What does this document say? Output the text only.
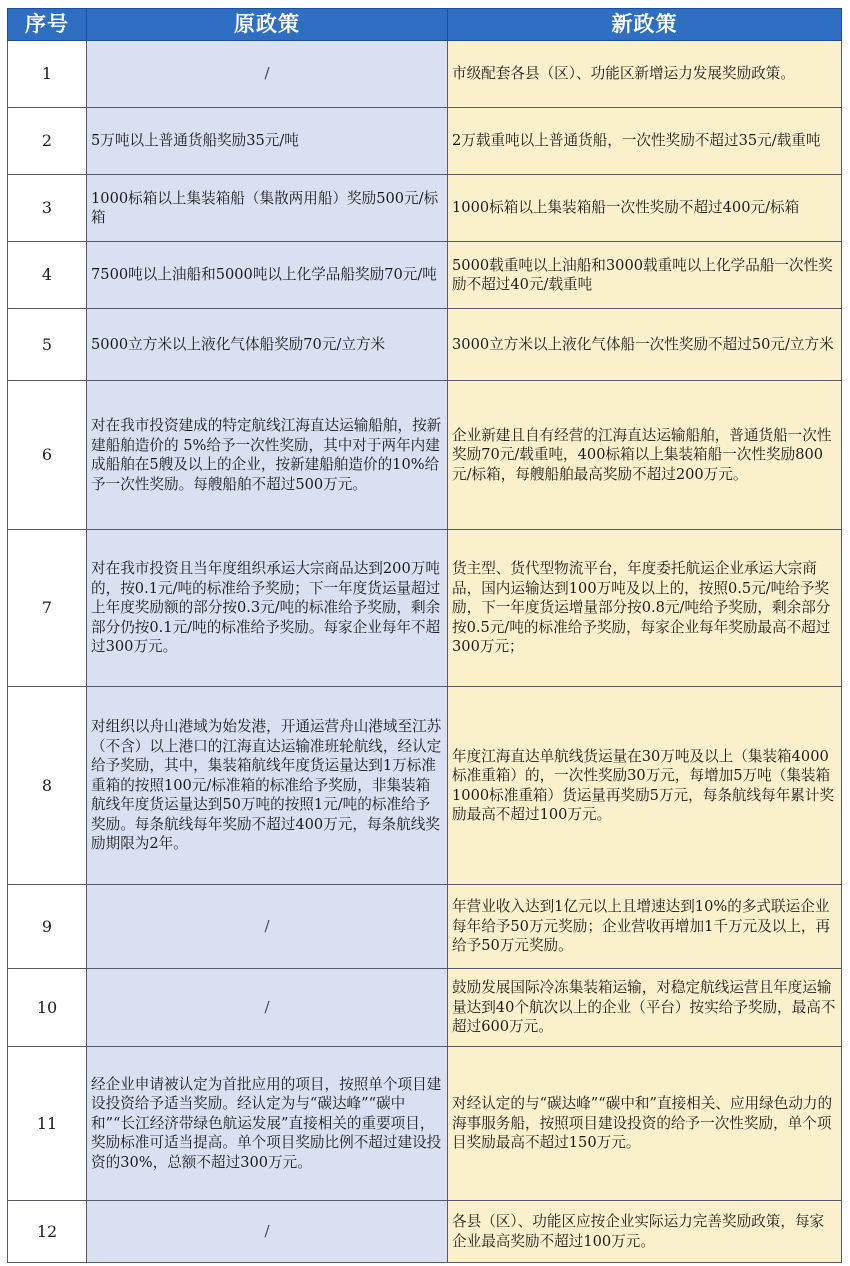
序号	原政策	新政策
1	/	市级配套各县（区）、功能区新增运力发展奖励政策。
2	5万吨以上普通货船奖励35元/吨	2万载重吨以上普通货船，一次性奖励不超过35元/载重吨
3	1000标箱以上集装箱船（集散两用船）奖励500元/标箱	1000标箱以上集装箱船一次性奖励不超过400元/标箱
4	7500吨以上油船和5000吨以上化学品船奖励70元/吨	5000载重吨以上油船和3000载重吨以上化学品船一次性奖励不超过40元/载重吨
5	5000立方米以上液化气体船奖励70元/立方米	3000立方米以上液化气体船一次性奖励不超过50元/立方米
6	对在我市投资建成的特定航线江海直达运输船舶，按新建船舶造价的 5%给予一次性奖励，其中对于两年内建成船舶在5艘及以上的企业，按新建船舶造价的10%给予一次性奖励。每艘船舶不超过500万元。	企业新建且自有经营的江海直达运输船舶，普通货船一次性奖励70元/载重吨，400标箱以上集装箱船一次性奖励800元/标箱，每艘船舶最高奖励不超过200万元。
7	对在我市投资且当年度组织承运大宗商品达到200万吨的，按0.1元/吨的标准给予奖励；下一年度货运量超过上年度奖励额的部分按0.3元/吨的标准给予奖励，剩余部分仍按0.1元/吨的标准给予奖励。每家企业每年不超过300万元。	货主型、货代型物流平台，年度委托航运企业承运大宗商品，国内运输达到100万吨及以上的，按照0.5元/吨给予奖励，下一年度货运增量部分按0.8元/吨给予奖励，剩余部分按0.5元/吨的标准给予奖励，每家企业每年奖励最高不超过300万元；
8	对组织以舟山港域为始发港，开通运营舟山港域至江苏（不含）以上港口的江海直达运输准班轮航线，经认定给予奖励，其中，集装箱航线年度货运量达到1万标准重箱的按照100元/标准箱的标准给予奖励，非集装箱航线年度货运量达到50万吨的按照1元/吨的标准给予奖励。每条航线每年奖励不超过400万元，每条航线奖励期限为2年。	年度江海直达单航线货运量在30万吨及以上（集装箱4000标准重箱）的，一次性奖励30万元，每增加5万吨（集装箱1000标准重箱）货运量再奖励5万元，每条航线每年累计奖励最高不超过100万元。
9	/	年营业收入达到1亿元以上且增速达到10%的多式联运企业每年给予50万元奖励；企业营收再增加1千万元及以上，再给予50万元奖励。
10	/	鼓励发展国际冷冻集装箱运输，对稳定航线运营且年度运输量达到40个航次以上的企业（平台）按实给予奖励，最高不超过600万元。
11	经企业申请被认定为首批应用的项目，按照单个项目建设投资给予适当奖励。经认定为与“碳达峰”“碳中和”“长江经济带绿色航运发展”直接相关的重要项目，奖励标准可适当提高。单个项目奖励比例不超过建设投资的30%，总额不超过300万元。	对经认定的与“碳达峰”“碳中和”直接相关、应用绿色动力的海事服务船，按照项目建设投资的给予一次性奖励，单个项目奖励最高不超过150万元。
12	/	各县（区）、功能区应按企业实际运力完善奖励政策，每家企业最高奖励不超过100万元。
